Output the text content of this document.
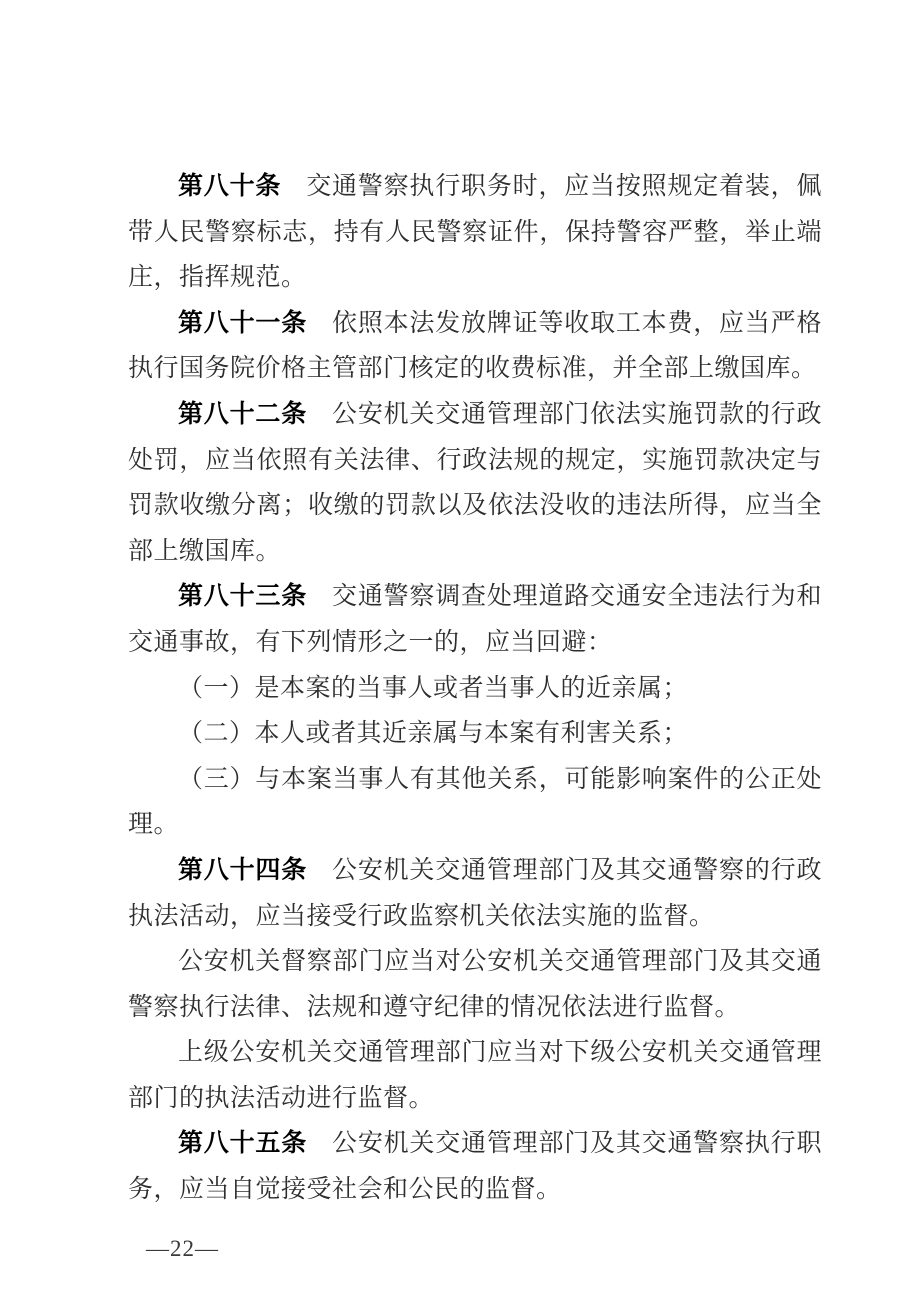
第八十条 交通警察执行职务时，应当按照规定着装，佩带人民警察标志，持有人民警察证件，保持警容严整，举止端庄，指挥规范。

第八十一条 依照本法发放牌证等收取工本费，应当严格执行国务院价格主管部门核定的收费标准，并全部上缴国库。

第八十二条 公安机关交通管理部门依法实施罚款的行政处罚，应当依照有关法律、行政法规的规定，实施罚款决定与罚款收缴分离；收缴的罚款以及依法没收的违法所得，应当全部上缴国库。

第八十三条 交通警察调查处理道路交通安全违法行为和交通事故，有下列情形之一的，应当回避：

（一）是本案的当事人或者当事人的近亲属；

（二）本人或者其近亲属与本案有利害关系；

（三）与本案当事人有其他关系，可能影响案件的公正处理。

第八十四条 公安机关交通管理部门及其交通警察的行政执法活动，应当接受行政监察机关依法实施的监督。

公安机关督察部门应当对公安机关交通管理部门及其交通警察执行法律、法规和遵守纪律的情况依法进行监督。

上级公安机关交通管理部门应当对下级公安机关交通管理部门的执法活动进行监督。

第八十五条 公安机关交通管理部门及其交通警察执行职务，应当自觉接受社会和公民的监督。

—22—
